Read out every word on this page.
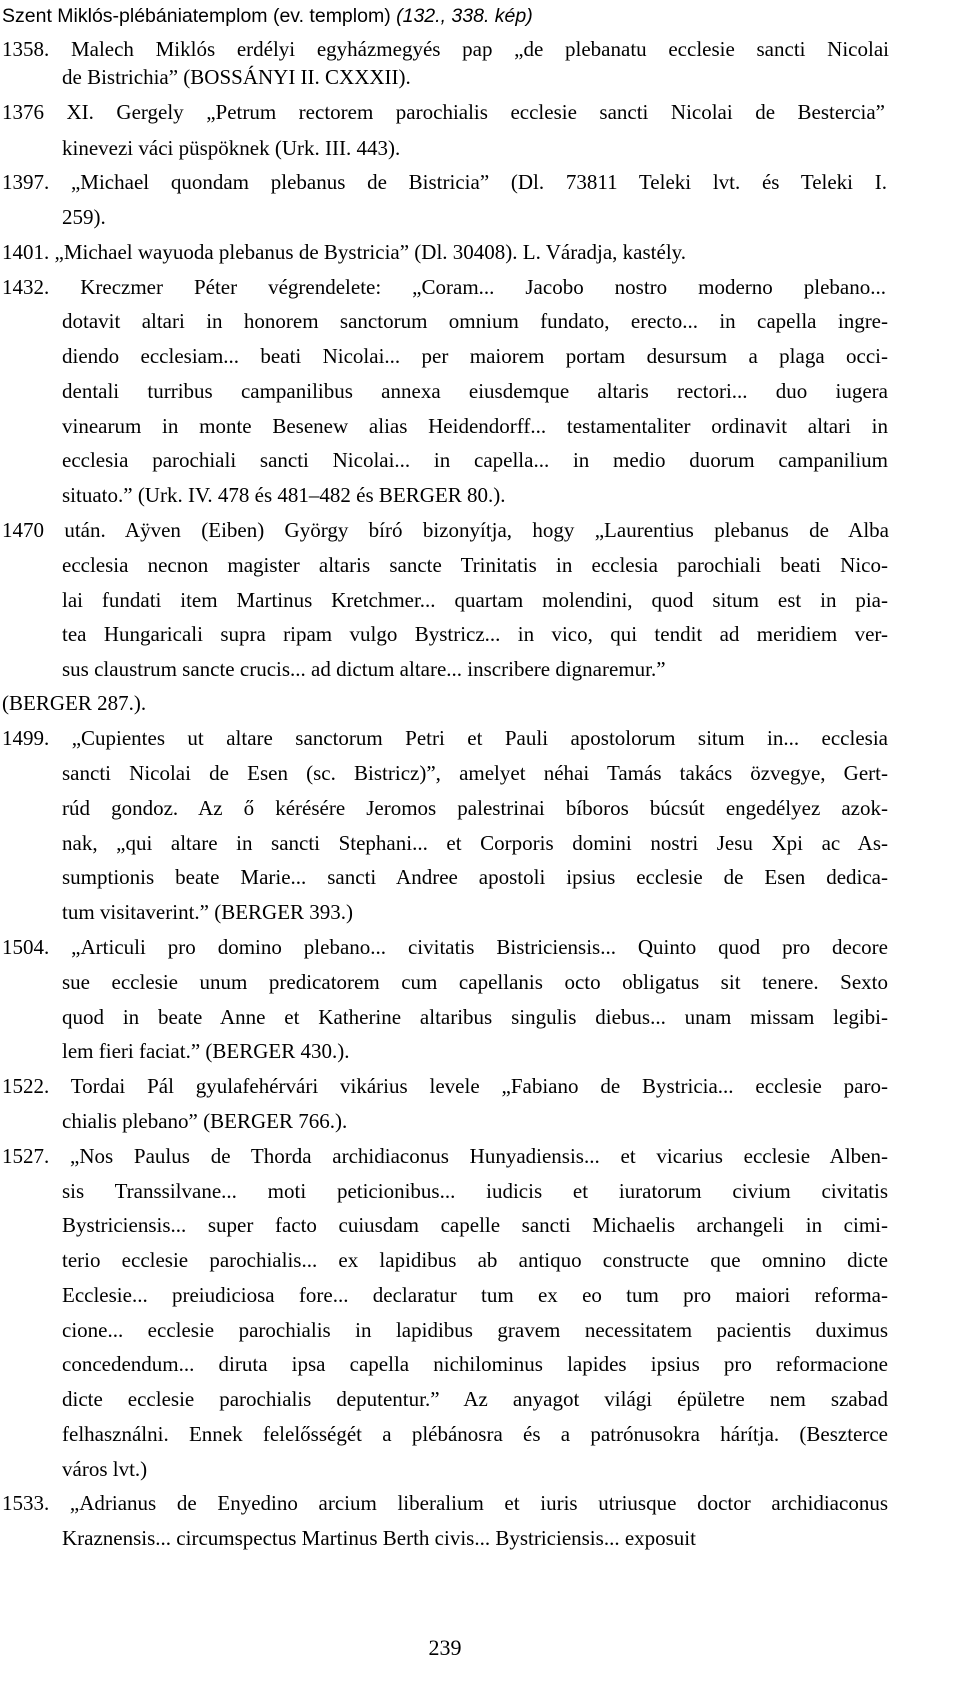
Szent Miklós-plébániatemplom (ev. templom) (132., 338. kép)
1358. Malech Miklós erdélyi egyházmegyés pap „de plebanatu ecclesie sancti Nicolai
de Bistrichia” (BOSSÁNYI II. CXXXII).
1376 XI. Gergely „Petrum rectorem parochialis ecclesie sancti Nicolai de Bestercia”
kinevezi váci püspöknek (Urk. III. 443).
1397. „Michael quondam plebanus de Bistricia” (Dl. 73811 Teleki lvt. és Teleki I.
259).
1401. „Michael wayuoda plebanus de Bystricia” (Dl. 30408). L. Váradja, kastély.
1432. Kreczmer Péter végrendelete: „Coram... Jacobo nostro moderno plebano...
dotavit altari in honorem sanctorum omnium fundato, erecto... in capella ingre-
diendo ecclesiam... beati Nicolai... per maiorem portam desursum a plaga occi-
dentali turribus campanilibus annexa eiusdemque altaris rectori... duo iugera
vinearum in monte Besenew alias Heidendorff... testamentaliter ordinavit altari in
ecclesia parochiali sancti Nicolai... in capella... in medio duorum campanilium
situato.” (Urk. IV. 478 és 481–482 és BERGER 80.).
1470 után. Aÿven (Eiben) György bíró bizonyítja, hogy „Laurentius plebanus de Alba
ecclesia necnon magister altaris sancte Trinitatis in ecclesia parochiali beati Nico-
lai fundati item Martinus Kretchmer... quartam molendini, quod situm est in pia-
tea Hungaricali supra ripam vulgo Bystricz... in vico, qui tendit ad meridiem ver-
sus claustrum sancte crucis... ad dictum altare... inscribere dignaremur.”
(BERGER 287.).
1499. „Cupientes ut altare sanctorum Petri et Pauli apostolorum situm in... ecclesia
sancti Nicolai de Esen (sc. Bistricz)”, amelyet néhai Tamás takács özvegye, Gert-
rúd gondoz. Az ő kérésére Jeromos palestrinai bíboros búcsút engedélyez azok-
nak, „qui altare in sancti Stephani... et Corporis domini nostri Jesu Xpi ac As-
sumptionis beate Marie... sancti Andree apostoli ipsius ecclesie de Esen dedica-
tum visitaverint.” (BERGER 393.)
1504. „Articuli pro domino plebano... civitatis Bistriciensis... Quinto quod pro decore
sue ecclesie unum predicatorem cum capellanis octo obligatus sit tenere. Sexto
quod in beate Anne et Katherine altaribus singulis diebus... unam missam legibi-
lem fieri faciat.” (BERGER 430.).
1522. Tordai Pál gyulafehérvári vikárius levele „Fabiano de Bystricia... ecclesie paro-
chialis plebano” (BERGER 766.).
1527. „Nos Paulus de Thorda archidiaconus Hunyadiensis... et vicarius ecclesie Alben-
sis Transsilvane... moti peticionibus... iudicis et iuratorum civium civitatis
Bystriciensis... super facto cuiusdam capelle sancti Michaelis archangeli in cimi-
terio ecclesie parochialis... ex lapidibus ab antiquo constructe que omnino dicte
Ecclesie... preiudiciosa fore... declaratur tum ex eo tum pro maiori reforma-
cione... ecclesie parochialis in lapidibus gravem necessitatem pacientis duximus
concedendum... diruta ipsa capella nichilominus lapides ipsius pro reformacione
dicte ecclesie parochialis deputentur.” Az anyagot világi épületre nem szabad
felhasználni. Ennek felelősségét a plébánosra és a patrónusokra hárítja. (Beszterce
város lvt.)
1533. „Adrianus de Enyedino arcium liberalium et iuris utriusque doctor archidiaconus
Kraznensis... circumspectus Martinus Berth civis... Bystriciensis... exposuit
239
